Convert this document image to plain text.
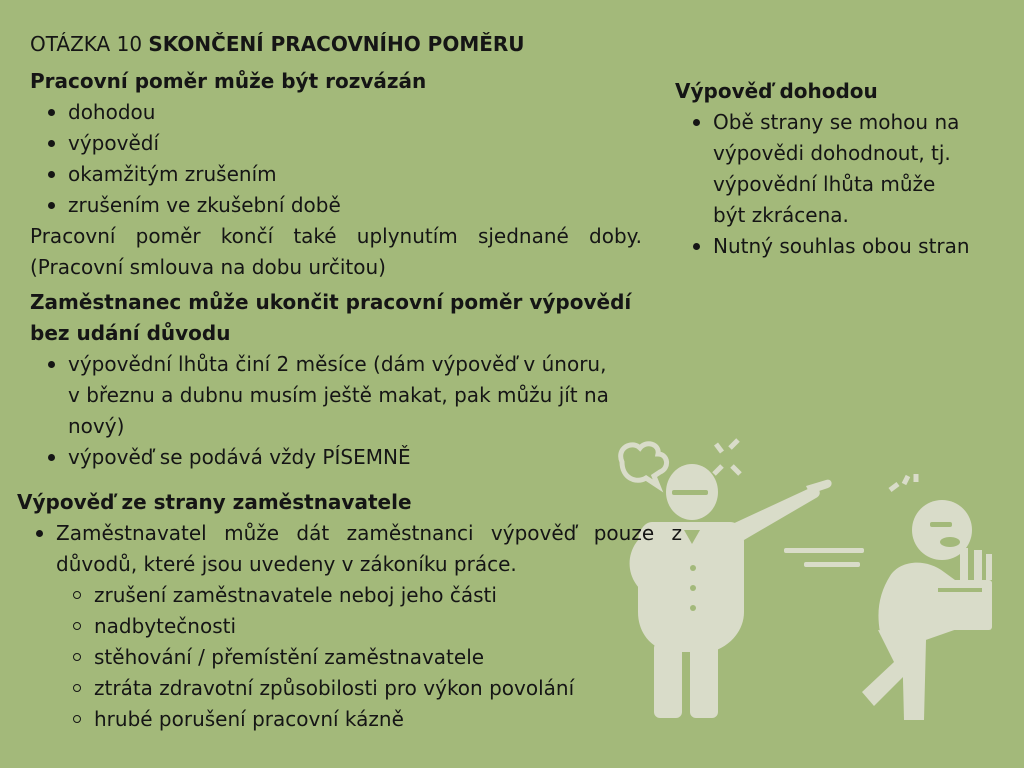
OTÁZKA 10 SKONČENÍ PRACOVNÍHO POMĚRU
Pracovní poměr může být rozvázán
dohodou
výpovědí
okamžitým zrušením
zrušením ve zkušební době
Pracovní poměr končí také uplynutím sjednané doby.
(Pracovní smlouva na dobu určitou)
Zaměstnanec může ukončit pracovní poměr výpovědí
bez udání důvodu
výpovědní lhůta činí 2 měsíce (dám výpověď v únoru,
v březnu a dubnu musím ještě makat, pak můžu jít na
nový)
výpověď se podává vždy PÍSEMNĚ
Výpověď ze strany zaměstnavatele
Zaměstnavatel může dát zaměstnanci výpověď pouze z
důvodů, které jsou uvedeny v zákoníku práce.
zrušení zaměstnavatele neboj jeho části
nadbytečnosti
stěhování / přemístění zaměstnavatele
ztráta zdravotní způsobilosti pro výkon povolání
hrubé porušení pracovní kázně
Výpověď dohodou
Obě strany se mohou na
výpovědi dohodnout, tj.
výpovědní lhůta může
být zkrácena.
Nutný souhlas obou stran
